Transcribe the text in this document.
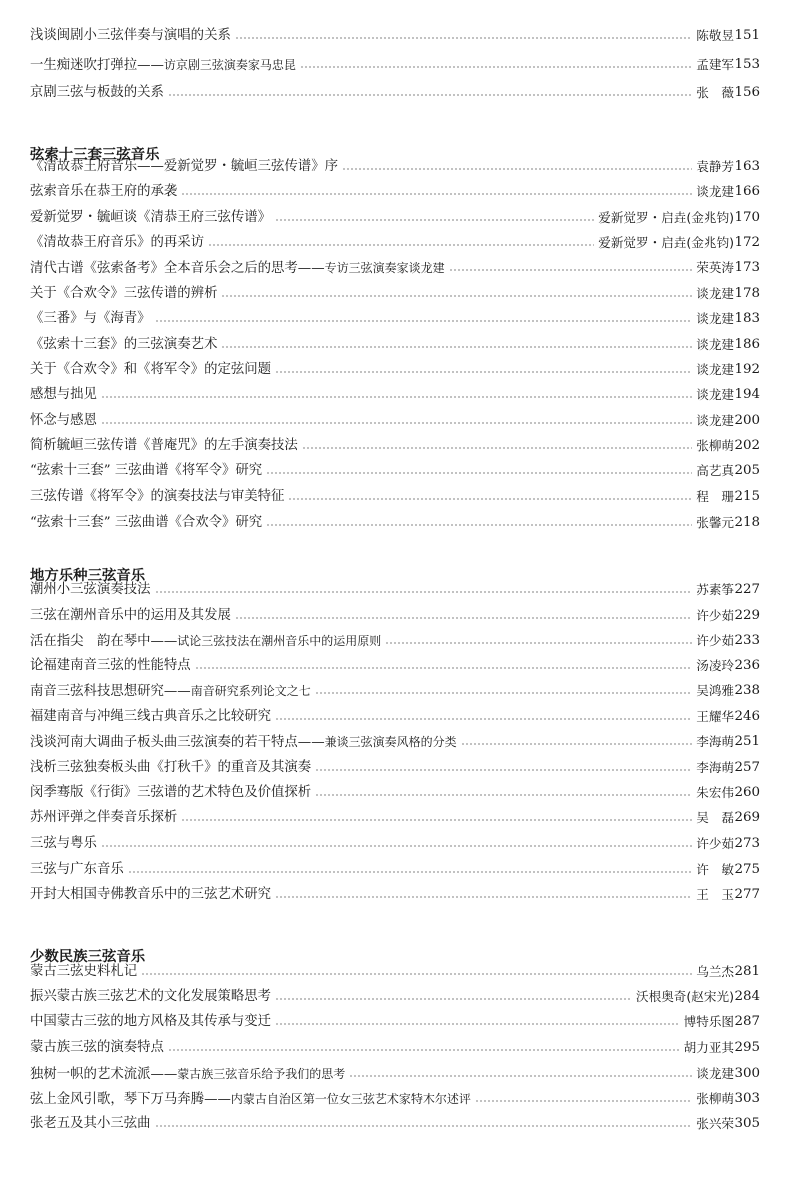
浅谈闽剧小三弦伴奏与演唱的关系	陈敬昱 151
一生痴迷吹打弹拉——访京剧三弦演奏家马忠昆	孟建军 153
京剧三弦与板鼓的关系	张　薇 156
弦索十三套三弦音乐
《清故恭王府音乐——爱新觉罗・毓峘三弦传谱》序	袁静芳 163
弦索音乐在恭王府的承袭	谈龙建 166
爱新觉罗・毓峘谈《清恭王府三弦传谱》	爱新觉罗・启垚(金兆钧) 170
《清故恭王府音乐》的再采访	爱新觉罗・启垚(金兆钧) 172
清代古谱《弦索备考》全本音乐会之后的思考——专访三弦演奏家谈龙建	荣英涛 173
关于《合欢令》三弦传谱的辨析	谈龙建 178
《三番》与《海青》	谈龙建 183
《弦索十三套》的三弦演奏艺术	谈龙建 186
关于《合欢令》和《将军令》的定弦问题	谈龙建 192
感想与拙见	谈龙建 194
怀念与感恩	谈龙建 200
简析毓峘三弦传谱《普庵咒》的左手演奏技法	张柳萌 202
“弦索十三套” 三弦曲谱《将军令》研究	高艺真 205
三弦传谱《将军令》的演奏技法与审美特征	程　珊 215
“弦索十三套” 三弦曲谱《合欢令》研究	张馨元 218
地方乐种三弦音乐
潮州小三弦演奏技法	苏素筝 227
三弦在潮州音乐中的运用及其发展	许少茹 229
活在指尖　韵在琴中——试论三弦技法在潮州音乐中的运用原则	许少茹 233
论福建南音三弦的性能特点	汤凌玲 236
南音三弦科技思想研究——南音研究系列论文之七	吴鸿雅 238
福建南音与冲绳三线古典音乐之比较研究	王耀华 246
浅谈河南大调曲子板头曲三弦演奏的若干特点——兼谈三弦演奏风格的分类	李海萌 251
浅析三弦独奏板头曲《打秋千》的重音及其演奏	李海萌 257
闵季骞版《行街》三弦谱的艺术特色及价值探析	朱宏伟 260
苏州评弹之伴奏音乐探析	吴　磊 269
三弦与粤乐	许少茹 273
三弦与广东音乐	许　敏 275
开封大相国寺佛教音乐中的三弦艺术研究	王　玉 277
少数民族三弦音乐
蒙古三弦史料札记	乌兰杰 281
振兴蒙古族三弦艺术的文化发展策略思考	沃根奥奇(赵宋光) 284
中国蒙古三弦的地方风格及其传承与变迁	博特乐图 287
蒙古族三弦的演奏特点	胡力亚其 295
独树一帜的艺术流派——蒙古族三弦音乐给予我们的思考	谈龙建 300
弦上金风引歌，琴下万马奔腾——内蒙古自治区第一位女三弦艺术家特木尔述评	张柳萌 303
张老五及其小三弦曲	张兴荣 305
